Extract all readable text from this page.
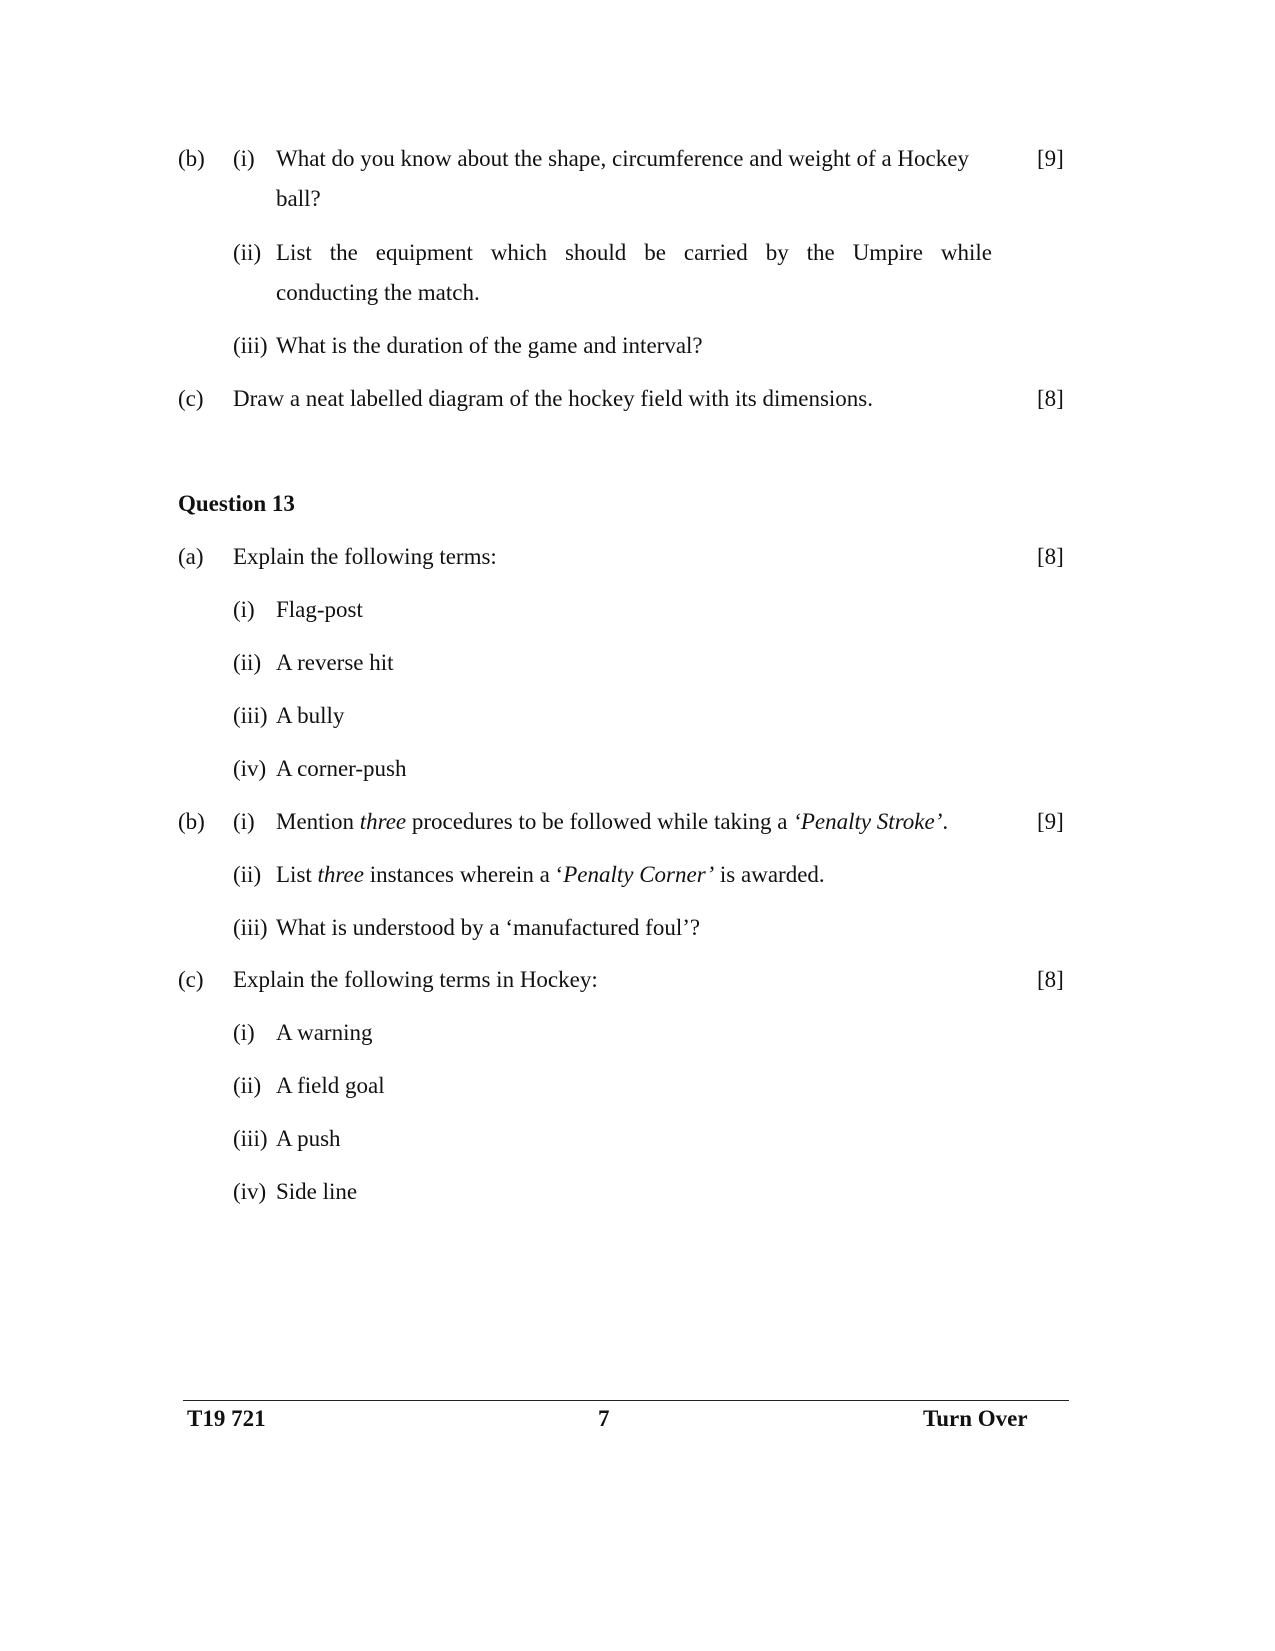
(b) (i) What do you know about the shape, circumference and weight of a Hockey	[9]
ball?
(ii) List the equipment which should be carried by the Umpire while
conducting the match.
(iii) What is the duration of the game and interval?
(c) Draw a neat labelled diagram of the hockey field with its dimensions.	[8]
Question 13
(a) Explain the following terms:	[8]
(i) Flag-post
(ii) A reverse hit
(iii) A bully
(iv) A corner-push
(b) (i) Mention three procedures to be followed while taking a ‘Penalty Stroke’.	[9]
(ii) List three instances wherein a ‘Penalty Corner’ is awarded.
(iii) What is understood by a ‘manufactured foul’?
(c) Explain the following terms in Hockey:	[8]
(i) A warning
(ii) A field goal
(iii) A push
(iv) Side line
T19 721	7	Turn Over
